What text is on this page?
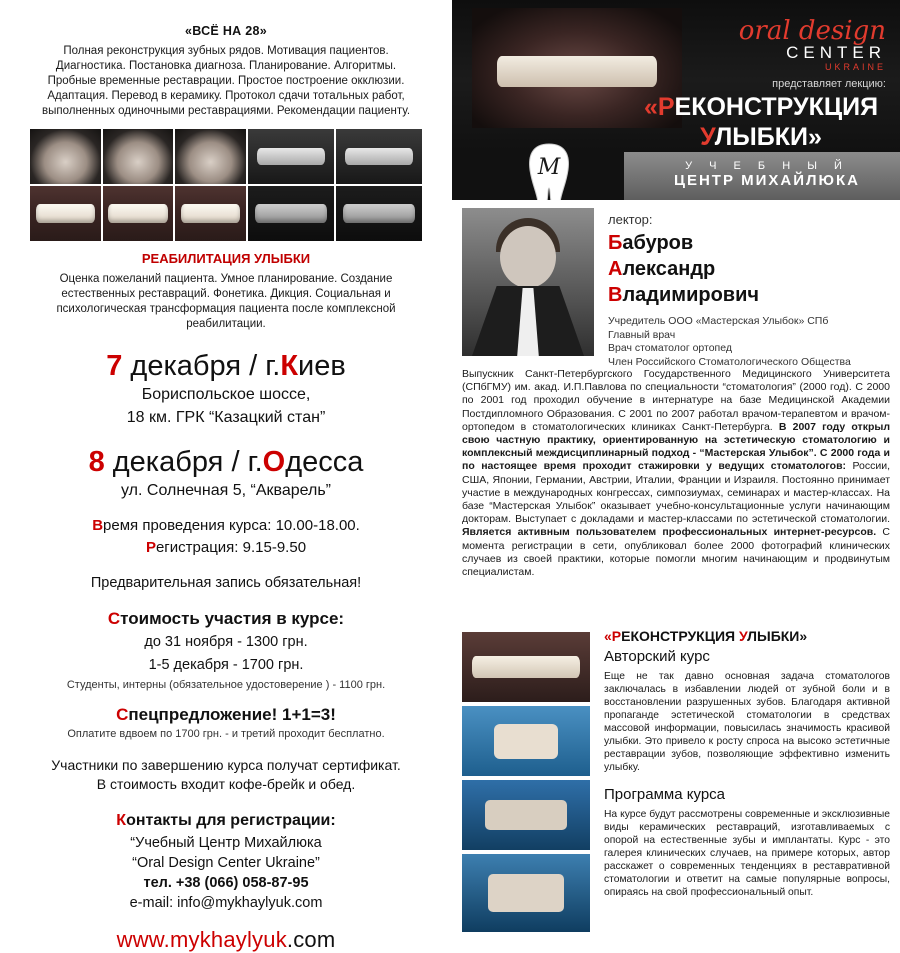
«ВСЁ НА 28»
Полная реконструкция зубных рядов. Мотивация пациентов. Диагностика. Постановка диагноза. Планирование. Алгоритмы. Пробные временные реставрации. Простое построение окклюзии. Адаптация. Перевод в керамику. Протокол сдачи тотальных работ, выполненных одиночными реставрациями. Рекомендации пациенту.
РЕАБИЛИТАЦИЯ УЛЫБКИ
Оценка пожеланий пациента. Умное планирование. Создание естественных реставраций. Фонетика. Дикция. Социальная и психологическая трансформация пациента после комплексной реабилитации.
7 декабря / г.Киев
Бориспольское шоссе,
18 км. ГРК “Казацкий стан”
8 декабря / г.Одесса
ул. Солнечная 5, “Акварель”
Время проведения курса: 10.00-18.00.
Регистрация: 9.15-9.50
Предварительная запись обязательная!
Стоимость участия в курсе:
до 31 ноября - 1300 грн.
1-5 декабря - 1700 грн.
Студенты, интерны (обязательное удостоверение ) - 1100 грн.
Спецпредложение! 1+1=3!
Оплатите вдвоем по 1700 грн. - и третий проходит бесплатно.
Участники по завершению курса получат сертификат.
В стоимость входит кофе-брейк и обед.
Контакты для регистрации:
“Учебный Центр Михайлюка
“Oral Design Center Ukraine”
тел. +38 (066) 058-87-95
e-mail: info@mykhaylyuk.com
www.mykhaylyuk.com
oral design
CENTER
UKRAINE
представляет лекцию:
«РЕКОНСТРУКЦИЯ
УЛЫБКИ»
M	У Ч Е Б Н Ы Й
ЦЕНТР МИХАЙЛЮКА
лектор:
Бабуров
Александр
Владимирович
Учредитель ООО «Мастерская Улыбок» СПб
Главный врач
Врач стоматолог ортопед
Член Российского Стоматологического Общества
Выпускник Санкт-Петербургского Государственного Медицинского Университета (СПбГМУ) им. акад. И.П.Павлова по специальности “стоматология” (2000 год). С 2000 по 2001 год проходил обучение в интернатуре на базе Медицинской Академии Постдипломного Образования. С 2001 по 2007 работал врачом-терапевтом и врачом-ортопедом в стоматологических клиниках Санкт-Петербурга. В 2007 году открыл свою частную практику, ориентированную на эстетическую стоматологию и комплексный междисциплинарный подход - “Мастерская Улыбок”. С 2000 года и по настоящее время проходит стажировки у ведущих стоматологов: России, США, Японии, Германии, Австрии, Италии, Франции и Израиля. Постоянно принимает участие в международных конгрессах, симпозиумах, семинарах и мастер-классах. На базе “Мастерская Улыбок” оказывает учебно-консультационные услуги начинающим докторам. Выступает с докладами и мастер-классами по эстетической стоматологии. Является активным пользователем профессиональных интернет-ресурсов. С момента регистрации в сети, опубликовал более 2000 фотографий клинических случаев из своей практики, которые помогли многим начинающим и продвинутым специалистам.
«РЕКОНСТРУКЦИЯ УЛЫБКИ»
Авторский курс
Еще не так давно основная задача стоматологов заключалась в избавлении людей от зубной боли и в восстановлении разрушенных зубов. Благодаря активной пропаганде эстетической стоматологии в средствах массовой информации, повысилась значимость красивой улыбки. Это привело к росту спроса на высоко эстетичные реставрации зубов, позволяющие эффективно изменить улыбку.
Программа курса
На курсе будут рассмотрены современные и эксклюзивные виды керамических реставраций, изготавливаемых с опорой на естественные зубы и имплантаты. Курс - это галерея клинических случаев, на примере которых, автор расскажет о современных тенденциях в реставративной стоматологии и ответит на самые популярные вопросы, опираясь на свой профессиональный опыт.
